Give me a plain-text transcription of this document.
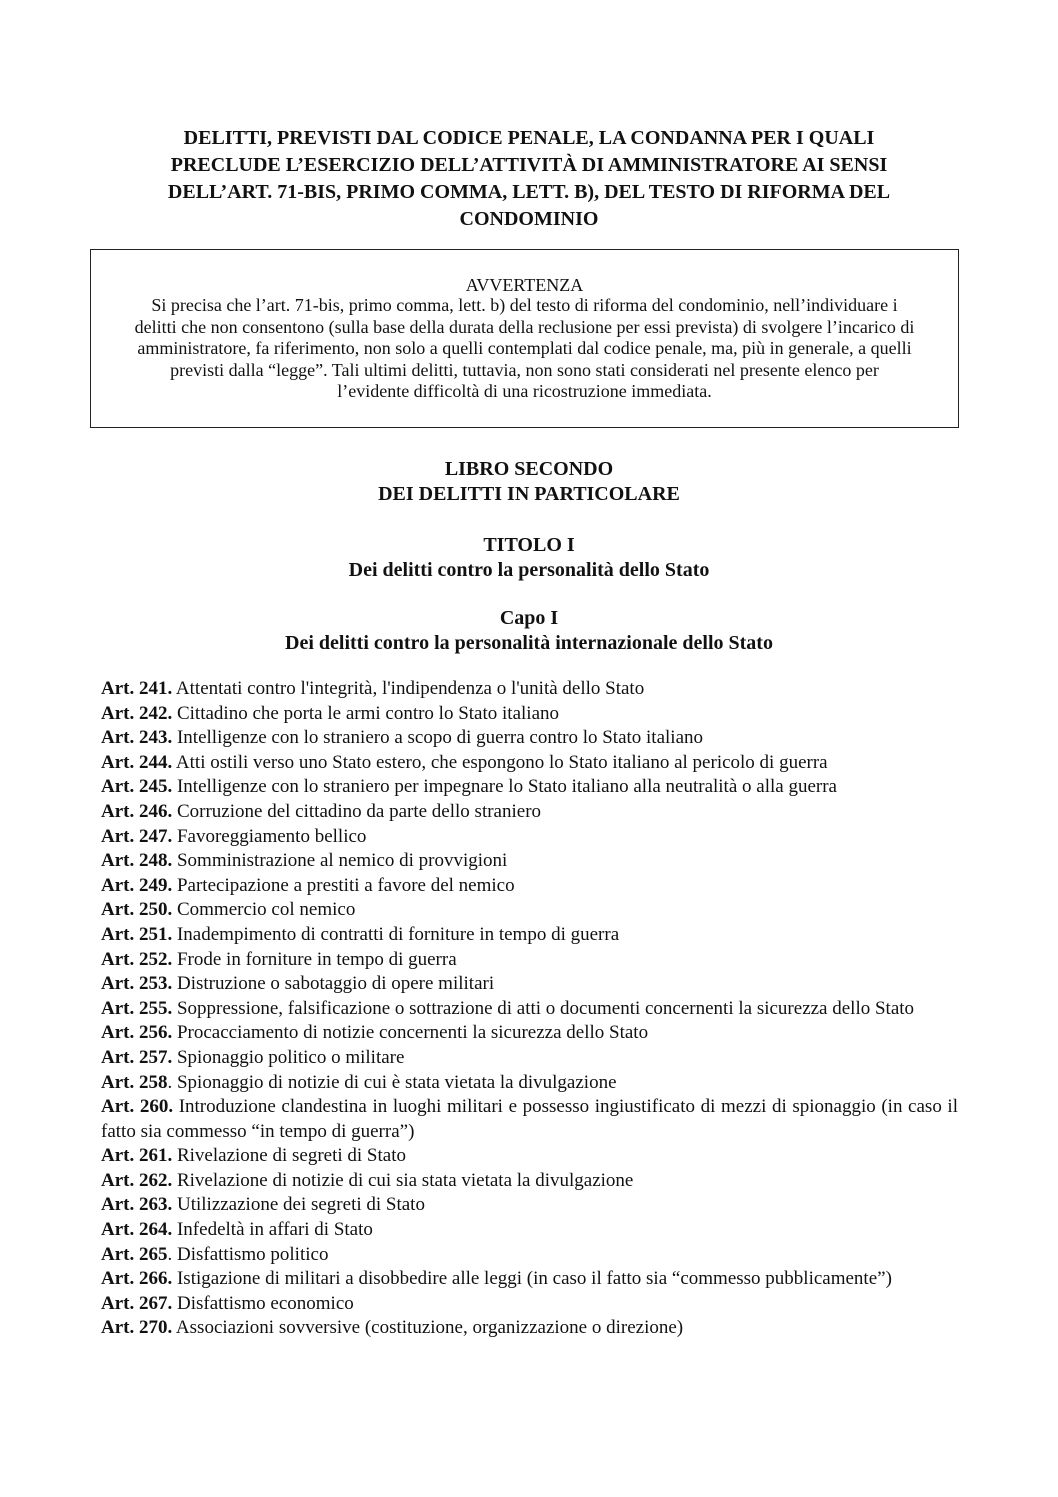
DELITTI, PREVISTI DAL CODICE PENALE, LA CONDANNA PER I QUALI
PRECLUDE L’ESERCIZIO DELL’ATTIVITÀ DI AMMINISTRATORE AI SENSI
DELL’ART. 71-BIS, PRIMO COMMA, LETT. B), DEL TESTO DI RIFORMA DEL
CONDOMINIO
AVVERTENZA
Si precisa che l’art. 71-bis, primo comma, lett. b) del testo di riforma del condominio, nell’individuare i
delitti che non consentono (sulla base della durata della reclusione per essi prevista) di svolgere l’incarico di
amministratore, fa riferimento, non solo a quelli contemplati dal codice penale, ma, più in generale, a quelli
previsti dalla “legge”. Tali ultimi delitti, tuttavia, non sono stati considerati nel presente elenco per
l’evidente difficoltà di una ricostruzione immediata.
LIBRO SECONDO
DEI DELITTI IN PARTICOLARE
TITOLO I
Dei delitti contro la personalità dello Stato
Capo I
Dei delitti contro la personalità internazionale dello Stato

Art. 241. Attentati contro l'integrità, l'indipendenza o l'unità dello Stato

Art. 242. Cittadino che porta le armi contro lo Stato italiano

Art. 243. Intelligenze con lo straniero a scopo di guerra contro lo Stato italiano

Art. 244. Atti ostili verso uno Stato estero, che espongono lo Stato italiano al pericolo di guerra

Art. 245. Intelligenze con lo straniero per impegnare lo Stato italiano alla neutralità o alla guerra

Art. 246. Corruzione del cittadino da parte dello straniero

Art. 247. Favoreggiamento bellico

Art. 248. Somministrazione al nemico di provvigioni

Art. 249. Partecipazione a prestiti a favore del nemico

Art. 250. Commercio col nemico

Art. 251. Inadempimento di contratti di forniture in tempo di guerra

Art. 252. Frode in forniture in tempo di guerra

Art. 253. Distruzione o sabotaggio di opere militari

Art. 255. Soppressione, falsificazione o sottrazione di atti o documenti concernenti la sicurezza dello Stato

Art. 256. Procacciamento di notizie concernenti la sicurezza dello Stato

Art. 257. Spionaggio politico o militare

Art. 258. Spionaggio di notizie di cui è stata vietata la divulgazione

Art. 260. Introduzione clandestina in luoghi militari e possesso ingiustificato di mezzi di spionaggio (in caso il fatto sia commesso “in tempo di guerra”)

Art. 261. Rivelazione di segreti di Stato

Art. 262. Rivelazione di notizie di cui sia stata vietata la divulgazione

Art. 263. Utilizzazione dei segreti di Stato

Art. 264. Infedeltà in affari di Stato

Art. 265. Disfattismo politico

Art. 266. Istigazione di militari a disobbedire alle leggi (in caso il fatto sia “commesso pubblicamente”)

Art. 267. Disfattismo economico

Art. 270. Associazioni sovversive (costituzione, organizzazione o direzione)
